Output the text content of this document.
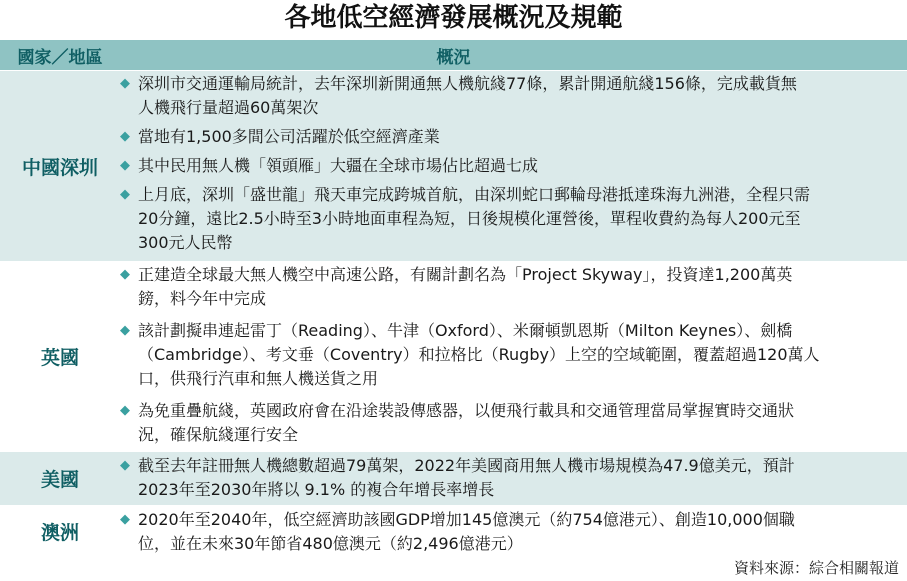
各地低空經濟發展概況及規範
國家／地區	概況
中國深圳
◆ 深圳市交通運輸局統計，去年深圳新開通無人機航綫77條，累計開通航綫156條，完成載貨無
人機飛行量超過60萬架次
◆ 當地有1,500多間公司活躍於低空經濟產業
◆ 其中民用無人機「領頭雁」大疆在全球市場佔比超過七成
◆ 上月底，深圳「盛世龍」飛天車完成跨城首航，由深圳蛇口郵輪母港抵達珠海九洲港，全程只需
20分鐘，遠比2.5小時至3小時地面車程為短，日後規模化運營後，單程收費約為每人200元至
300元人民幣
英國
◆ 正建造全球最大無人機空中高速公路，有關計劃名為「Project Skyway」，投資達1,200萬英
鎊，料今年中完成
◆ 該計劃擬串連起雷丁（Reading）、牛津（Oxford）、米爾頓凱恩斯（Milton Keynes）、劍橋
（Cambridge）、考文垂（Coventry）和拉格比（Rugby）上空的空域範圍，覆蓋超過120萬人
口，供飛行汽車和無人機送貨之用
◆ 為免重疊航綫，英國政府會在沿途裝設傳感器，以便飛行載具和交通管理當局掌握實時交通狀
況，確保航綫運行安全
美國
◆ 截至去年註冊無人機總數超過79萬架，2022年美國商用無人機市場規模為47.9億美元，預計
2023年至2030年將以 9.1% 的複合年增長率增長
澳洲
◆ 2020年至2040年，低空經濟助該國GDP增加145億澳元（約754億港元）、創造10,000個職
位，並在未來30年節省480億澳元（約2,496億港元）
資料來源：綜合相關報道
